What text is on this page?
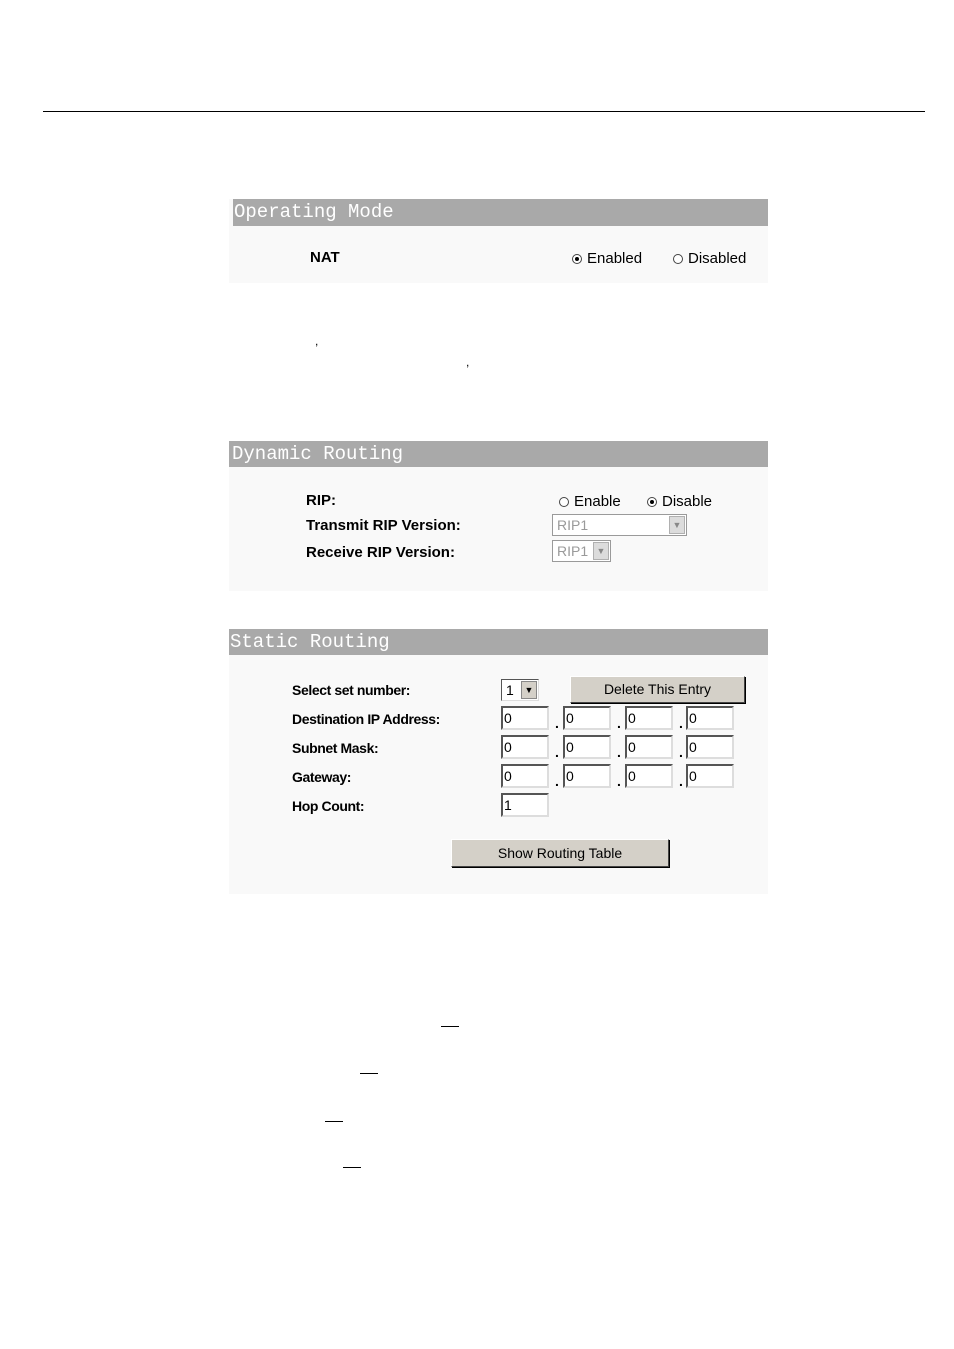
Operating Mode
NAT	Enabled	Disabled
,
,
Dynamic Routing
RIP:	Enable	Disable
Transmit RIP Version:	RIP1	▼
Receive RIP Version:	RIP1 ▼
Static Routing
Select set number:	1	▼	Delete This Entry
Destination IP Address:	0	. 0	. 0	. 0
Subnet Mask:	0	. 0	. 0	. 0
Gateway:	0	. 0	. 0	. 0
Hop Count:	1
Show Routing Table
